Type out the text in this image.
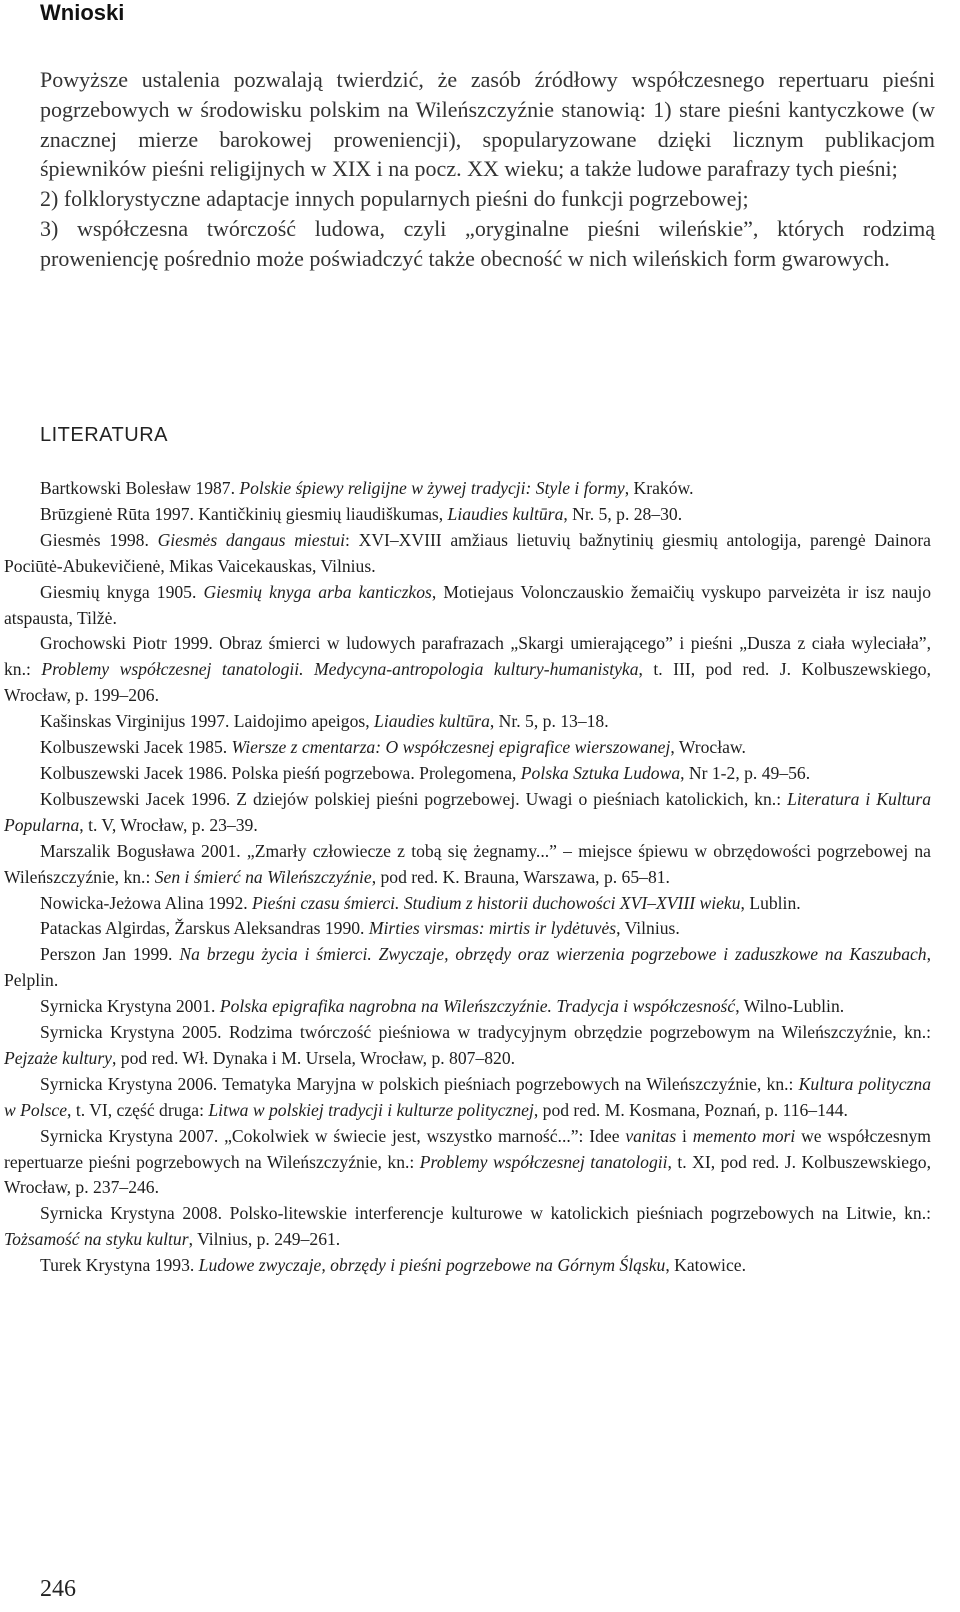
Wnioski

Powyższe ustalenia pozwalają twierdzić, że zasób źródłowy współczesnego repertuaru pieśni pogrzebowych w środowisku polskim na Wileńszczyźnie stanowią: 1) stare pieśni kantyczkowe (w znacznej mierze barokowej proweniencji), spopularyzowane dzięki licznym publikacjom śpiewników pieśni religijnych w XIX i na pocz. XX wieku; a także ludowe parafrazy tych pieśni;

2) folklorystyczne adaptacje innych popularnych pieśni do funkcji pogrzebowej;

3) współczesna twórczość ludowa, czyli „oryginalne pieśni wileńskie”, których rodzimą proweniencję pośrednio może poświadczyć także obecność w nich wileńskich form gwarowych.

LITERATURA

Bartkowski Bolesław 1987. Polskie śpiewy religijne w żywej tradycji: Style i formy, Kraków.

Brūzgienė Rūta 1997. Kantičkinių giesmių liaudiškumas, Liaudies kultūra, Nr. 5, p. 28–30.

Giesmės 1998. Giesmės dangaus miestui: XVI–XVIII amžiaus lietuvių bažnytinių giesmių antologija, parengė Dainora Pociūtė-Abukevičienė, Mikas Vaicekauskas, Vilnius.

Giesmių knyga 1905. Giesmių knyga arba kanticzkos, Motiejaus Volonczauskio žemaičių vyskupo parveizėta ir isz naujo atspausta, Tilžė.

Grochowski Piotr 1999. Obraz śmierci w ludowych parafrazach „Skargi umierającego” i pieśni „Dusza z ciała wyleciała”, kn.: Problemy współczesnej tanatologii. Medycyna-antropologia kultury-humanistyka, t. III, pod red. J. Kolbuszewskiego, Wrocław, p. 199–206.

Kašinskas Virginijus 1997. Laidojimo apeigos, Liaudies kultūra, Nr. 5, p. 13–18.

Kolbuszewski Jacek 1985. Wiersze z cmentarza: O współczesnej epigrafice wierszowanej, Wrocław.

Kolbuszewski Jacek 1986. Polska pieśń pogrzebowa. Prolegomena, Polska Sztuka Ludowa, Nr 1-2, p. 49–56.

Kolbuszewski Jacek 1996. Z dziejów polskiej pieśni pogrzebowej. Uwagi o pieśniach katolickich, kn.: Literatura i Kultura Popularna, t. V, Wrocław, p. 23–39.

Marszalik Bogusława 2001. „Zmarły człowiecze z tobą się żegnamy...” – miejsce śpiewu w obrzędowości pogrzebowej na Wileńszczyźnie, kn.: Sen i śmierć na Wileńszczyźnie, pod red. K. Brauna, Warszawa, p. 65–81.

Nowicka-Jeżowa Alina 1992. Pieśni czasu śmierci. Studium z historii duchowości XVI–XVIII wieku, Lublin.

Patackas Algirdas, Žarskus Aleksandras 1990. Mirties virsmas: mirtis ir lydėtuvės, Vilnius.

Perszon Jan 1999. Na brzegu życia i śmierci. Zwyczaje, obrzędy oraz wierzenia pogrzebowe i zaduszkowe na Kaszubach, Pelplin.

Syrnicka Krystyna 2001. Polska epigrafika nagrobna na Wileńszczyźnie. Tradycja i współczesność, Wilno-Lublin.

Syrnicka Krystyna 2005. Rodzima twórczość pieśniowa w tradycyjnym obrzędzie pogrzebowym na Wileńszczyźnie, kn.: Pejzaże kultury, pod red. Wł. Dynaka i M. Ursela, Wrocław, p. 807–820.

Syrnicka Krystyna 2006. Tematyka Maryjna w polskich pieśniach pogrzebowych na Wileńszczyźnie, kn.: Kultura polityczna w Polsce, t. VI, część druga: Litwa w polskiej tradycji i kulturze politycznej, pod red. M. Kosmana, Poznań, p. 116–144.

Syrnicka Krystyna 2007. „Cokolwiek w świecie jest, wszystko marność...”: Idee vanitas i memento mori we współczesnym repertuarze pieśni pogrzebowych na Wileńszczyźnie, kn.: Problemy współczesnej tanatologii, t. XI, pod red. J. Kolbuszewskiego, Wrocław, p. 237–246.

Syrnicka Krystyna 2008. Polsko-litewskie interferencje kulturowe w katolickich pieśniach pogrzebowych na Litwie, kn.: Tożsamość na styku kultur, Vilnius, p. 249–261.

Turek Krystyna 1993. Ludowe zwyczaje, obrzędy i pieśni pogrzebowe na Górnym Śląsku, Katowice.

246
